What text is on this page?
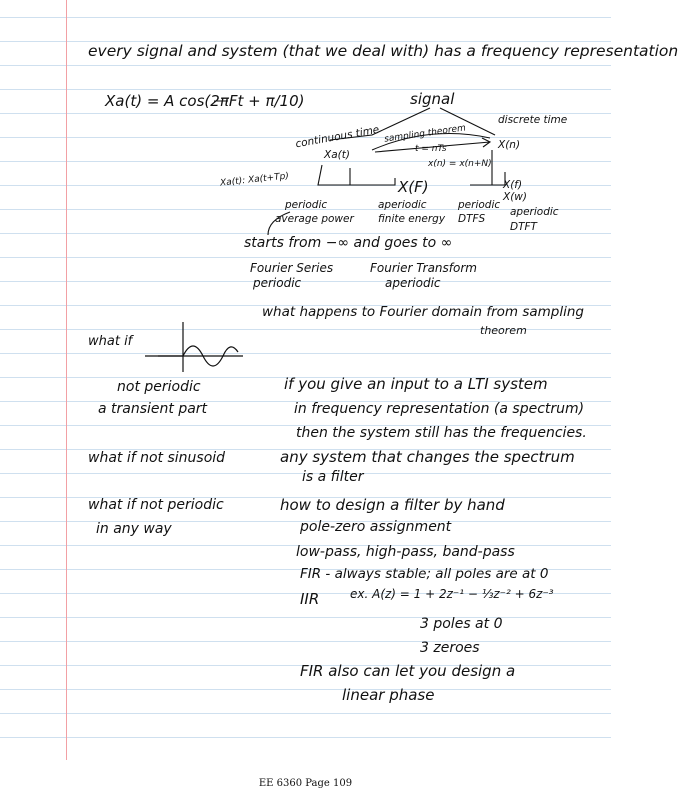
every signal and system (that we deal with) has a frequency representation
Xa(t) = A cos(2πFt + π/10)	signal
continuous time
Xa(t)
sampling theorem
t = nTs
x(n) = x(n+N)
discrete time
X(n)
Xa(t): Xa(t+Tp)	X(F)	X(f)
X(w)
periodic
average power
aperiodic
finite energy
periodic
DTFS
aperiodic
DTFT
starts from −∞ and goes to ∞
Fourier Series
periodic
Fourier Transform
aperiodic
what happens to Fourier domain from sampling
theorem
what if
not periodic
a transient part
if you give an input to a LTI system
in frequency representation (a spectrum)
then the system still has the frequencies.
what if not sinusoid	any system that changes the spectrum
is a filter
what if not periodic
in any way
how to design a filter by hand
pole-zero assignment
low-pass, high-pass, band-pass
FIR - always stable; all poles are at 0
IIR	ex. A(z) = 1 + 2z⁻¹ − ⅓z⁻² + 6z⁻³
3 poles at 0
3 zeroes
FIR also can let you design a
linear phase
EE 6360 Page 109
